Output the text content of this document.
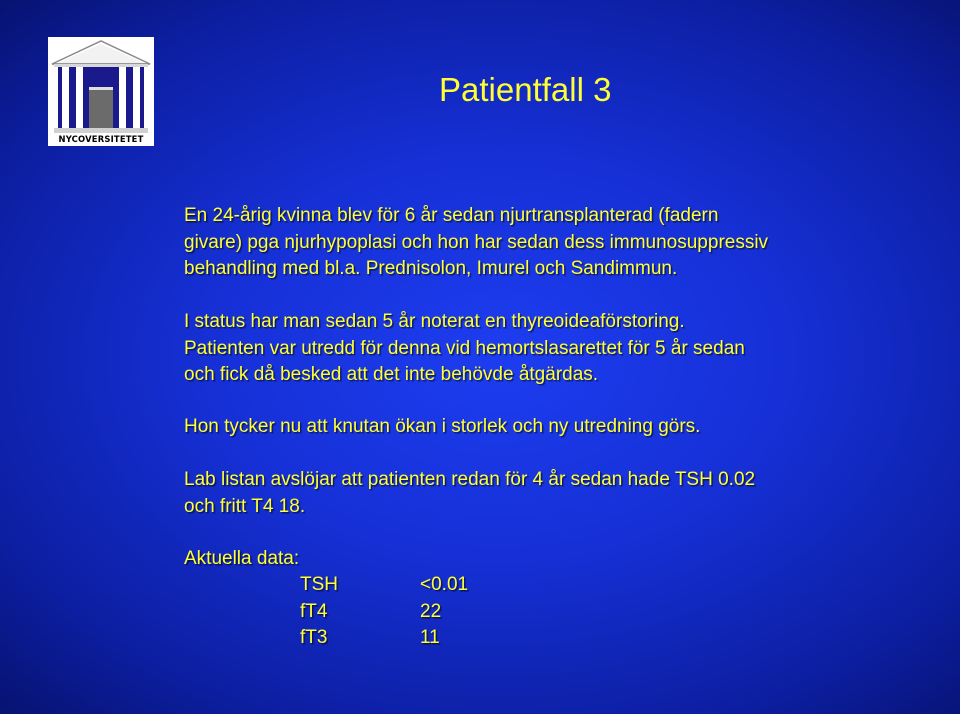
NYCOVERSITETET
Patientfall 3
En 24-årig kvinna blev för 6 år sedan njurtransplanterad (fadern
givare) pga njurhypoplasi och hon har sedan dess immunosuppressiv
behandling med bl.a. Prednisolon, Imurel och Sandimmun.
I status har man sedan 5 år noterat en thyreoideaförstoring.
Patienten var utredd för denna vid hemortslasarettet för 5 år sedan
och fick då besked att det inte behövde åtgärdas.
Hon tycker nu att knutan ökan i storlek och ny utredning görs.
Lab listan avslöjar att patienten redan för 4 år sedan hade TSH 0.02
och fritt T4 18.
Aktuella data:
TSH	<0.01
fT4	22
fT3	11
